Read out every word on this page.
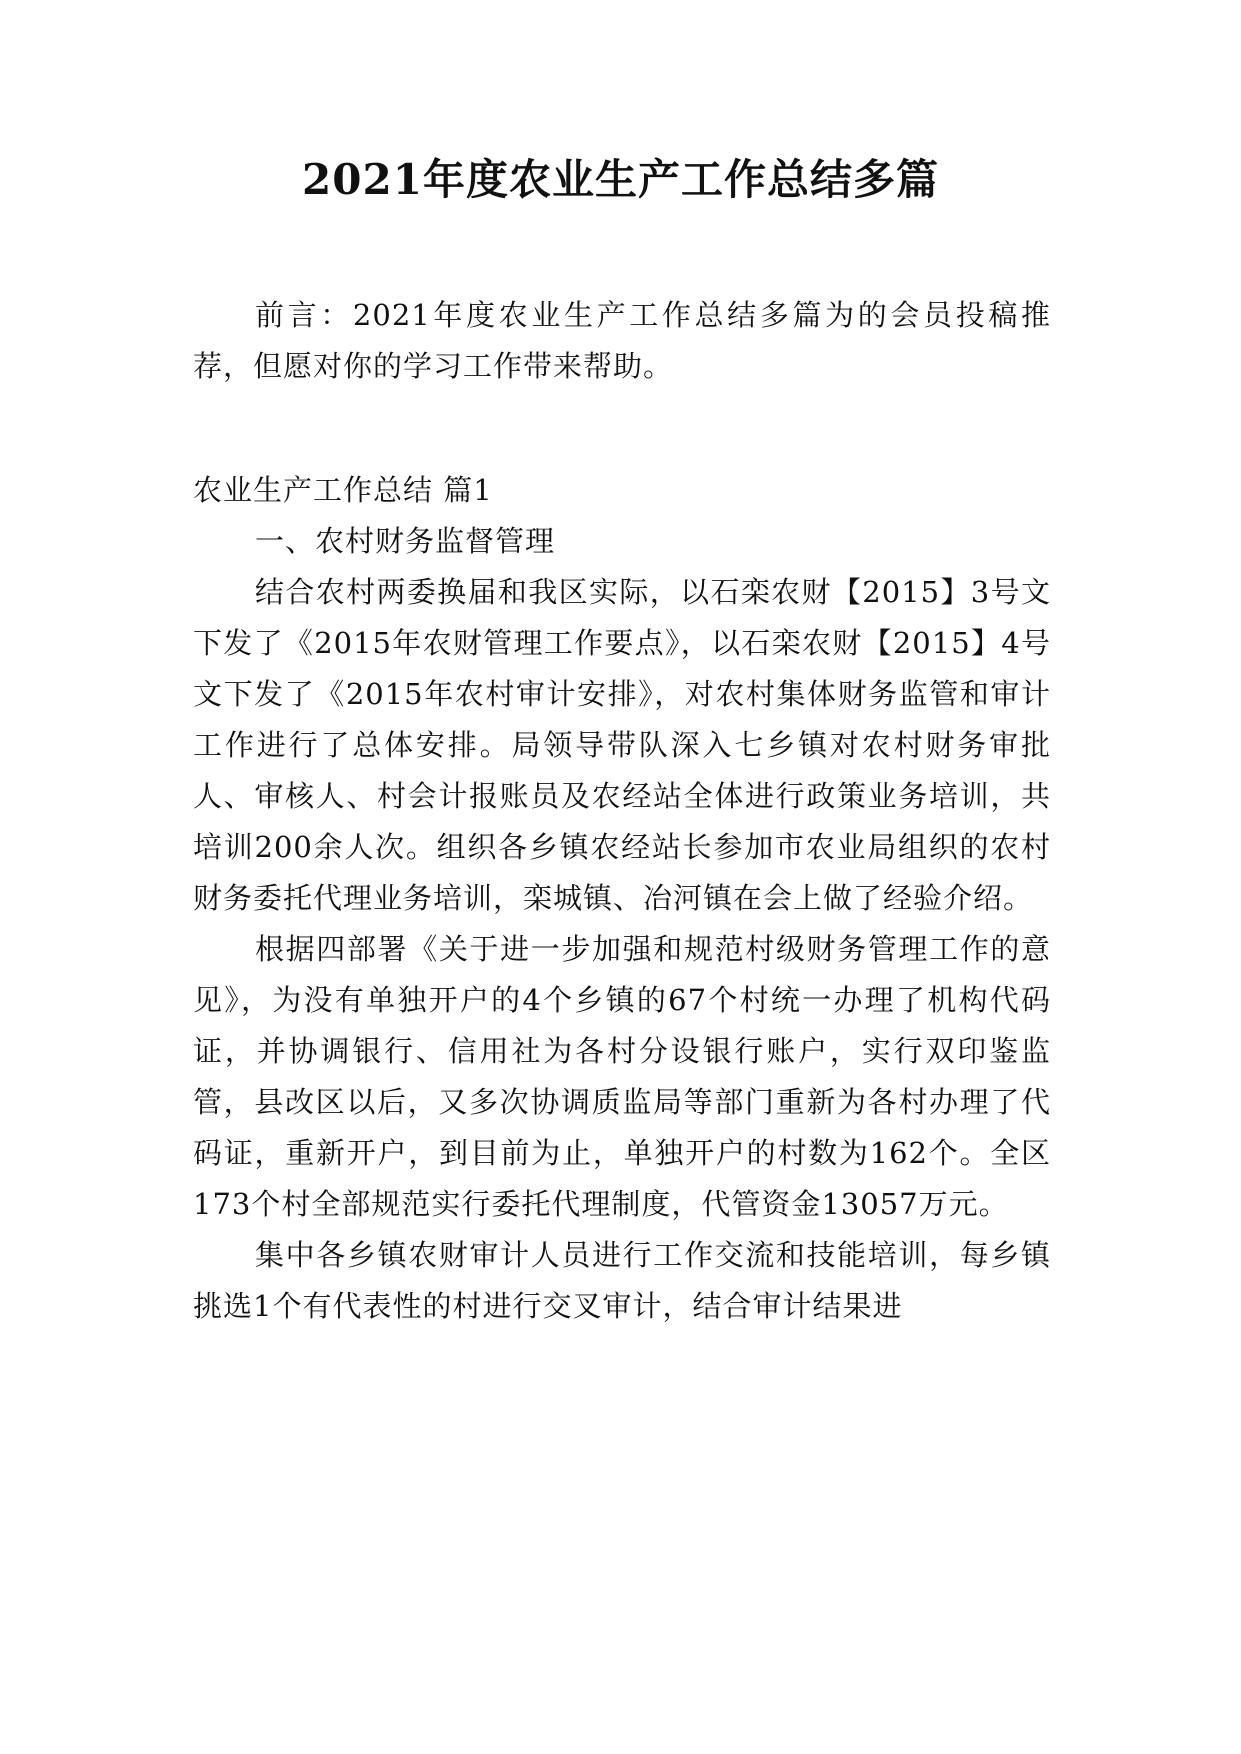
2021年度农业生产工作总结多篇

前言：2021年度农业生产工作总结多篇为的会员投稿推荐，但愿对你的学习工作带来帮助。

农业生产工作总结 篇1

一、农村财务监督管理

结合农村两委换届和我区实际，以石栾农财【2015】3号文下发了《2015年农财管理工作要点》，以石栾农财【2015】4号文下发了《2015年农村审计安排》，对农村集体财务监管和审计工作进行了总体安排。局领导带队深入七乡镇对农村财务审批人、审核人、村会计报账员及农经站全体进行政策业务培训，共培训200余人次。组织各乡镇农经站长参加市农业局组织的农村财务委托代理业务培训，栾城镇、冶河镇在会上做了经验介绍。

根据四部署《关于进一步加强和规范村级财务管理工作的意见》，为没有单独开户的4个乡镇的67个村统一办理了机构代码证，并协调银行、信用社为各村分设银行账户，实行双印鉴监管，县改区以后，又多次协调质监局等部门重新为各村办理了代码证，重新开户，到目前为止，单独开户的村数为162个。全区173个村全部规范实行委托代理制度，代管资金13057万元。

集中各乡镇农财审计人员进行工作交流和技能培训，每乡镇挑选1个有代表性的村进行交叉审计，结合审计结果进
